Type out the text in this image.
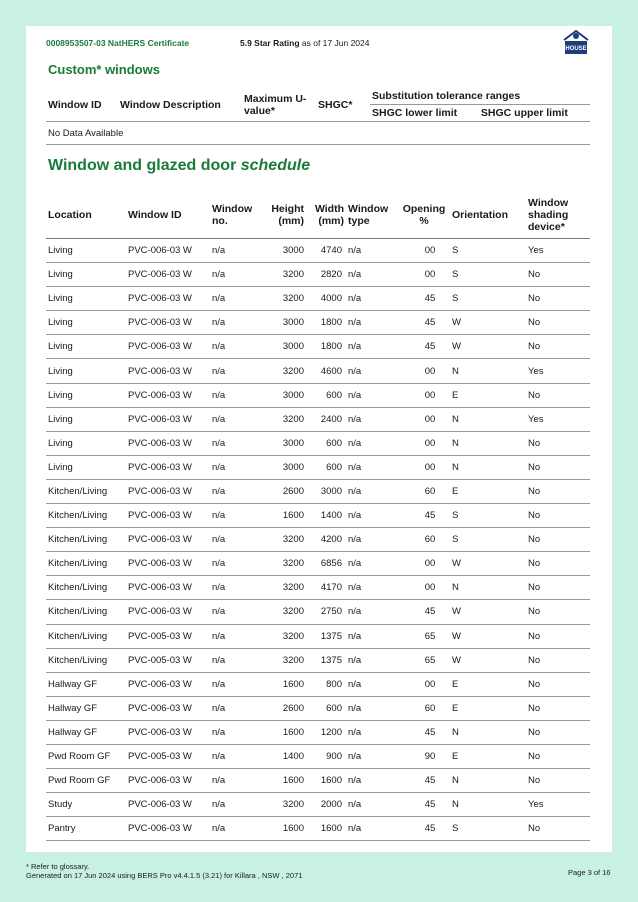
0008953507-03 NatHERS Certificate	5.9 Star Rating as of 17 Jun 2024
HOUSE
Custom* windows
Window ID	Window Description	Maximum U-value*	SHGC*	Substitution tolerance ranges	
				SHGC lower limit	SHGC upper limit
No Data Available					
Window and glazed door schedule
Location	Window ID	Window no.	Height (mm)	Width (mm)	Window type	Opening %	Orientation	Window shading device*
Living	PVC-006-03 W	n/a	3000	4740	n/a	00	S	Yes
Living	PVC-006-03 W	n/a	3200	2820	n/a	00	S	No
Living	PVC-006-03 W	n/a	3200	4000	n/a	45	S	No
Living	PVC-006-03 W	n/a	3000	1800	n/a	45	W	No
Living	PVC-006-03 W	n/a	3000	1800	n/a	45	W	No
Living	PVC-006-03 W	n/a	3200	4600	n/a	00	N	Yes
Living	PVC-006-03 W	n/a	3000	600	n/a	00	E	No
Living	PVC-006-03 W	n/a	3200	2400	n/a	00	N	Yes
Living	PVC-006-03 W	n/a	3000	600	n/a	00	N	No
Living	PVC-006-03 W	n/a	3000	600	n/a	00	N	No
Kitchen/Living	PVC-006-03 W	n/a	2600	3000	n/a	60	E	No
Kitchen/Living	PVC-006-03 W	n/a	1600	1400	n/a	45	S	No
Kitchen/Living	PVC-006-03 W	n/a	3200	4200	n/a	60	S	No
Kitchen/Living	PVC-006-03 W	n/a	3200	6856	n/a	00	W	No
Kitchen/Living	PVC-006-03 W	n/a	3200	4170	n/a	00	N	No
Kitchen/Living	PVC-006-03 W	n/a	3200	2750	n/a	45	W	No
Kitchen/Living	PVC-005-03 W	n/a	3200	1375	n/a	65	W	No
Kitchen/Living	PVC-005-03 W	n/a	3200	1375	n/a	65	W	No
Hallway GF	PVC-006-03 W	n/a	1600	800	n/a	00	E	No
Hallway GF	PVC-006-03 W	n/a	2600	600	n/a	60	E	No
Hallway GF	PVC-006-03 W	n/a	1600	1200	n/a	45	N	No
Pwd Room GF	PVC-005-03 W	n/a	1400	900	n/a	90	E	No
Pwd Room GF	PVC-006-03 W	n/a	1600	1600	n/a	45	N	No
Study	PVC-006-03 W	n/a	3200	2000	n/a	45	N	Yes
Pantry	PVC-006-03 W	n/a	1600	1600	n/a	45	S	No
* Refer to glossary.
Generated on 17 Jun 2024 using BERS Pro v4.4.1.5 (3.21) for Killara , NSW , 2071	Page 3 of 16
